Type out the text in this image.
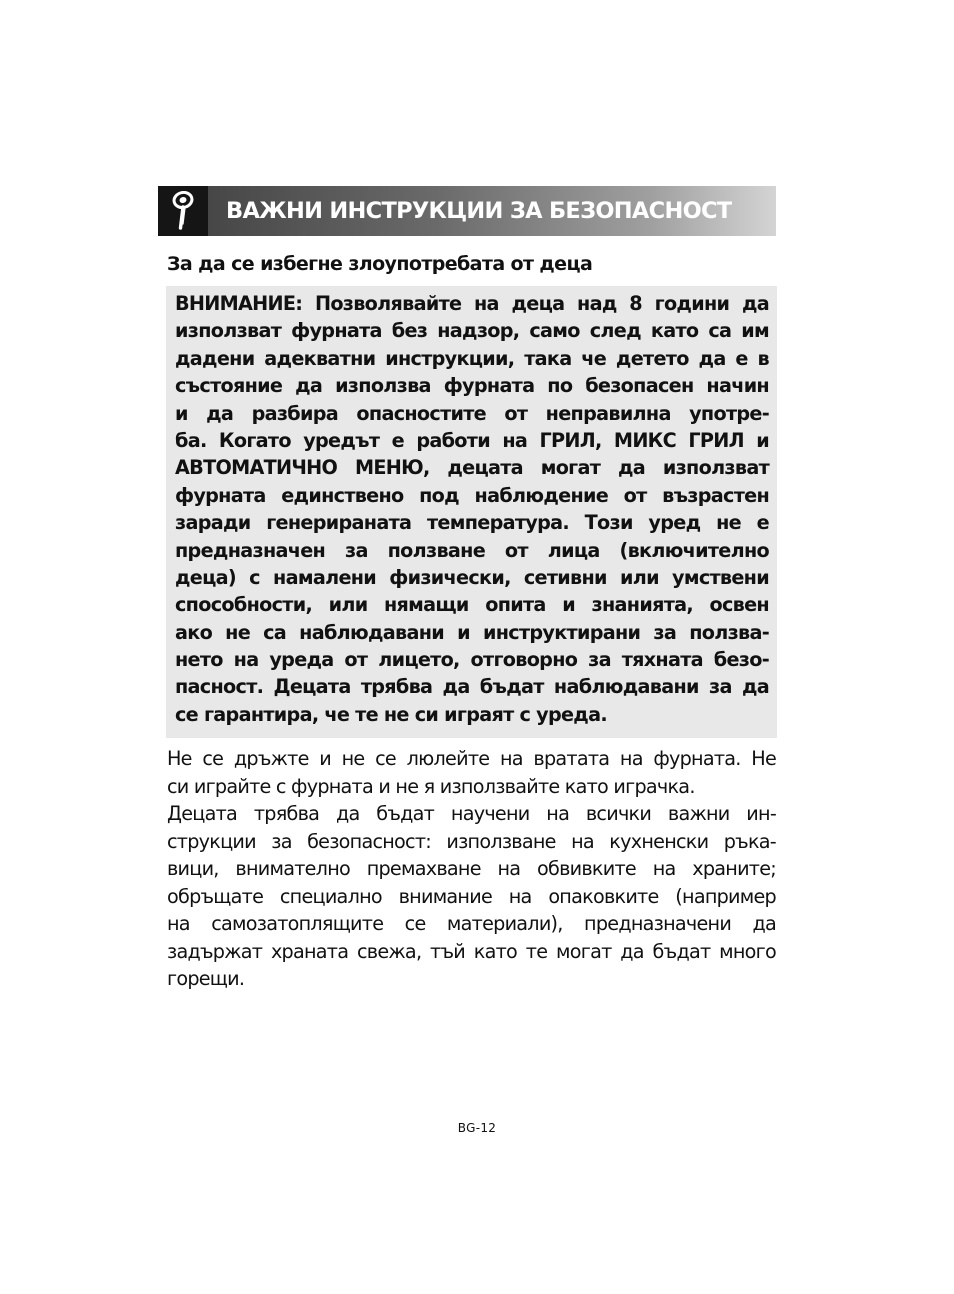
ВАЖНИ ИНСТРУКЦИИ ЗА БЕЗОПАСНОСТ
За да се избегне злоупотребата от деца
ВНИМАНИЕ: Позволявайте на деца над 8 години да
използват фурната без надзор, само след като са им
дадени адекватни инструкции, така че детето да е в
състояние да използва фурната по безопасен начин
и да разбира опасностите от неправилна употре-
ба. Когато уредът е работи на ГРИЛ, МИКС ГРИЛ и
АВТОМАТИЧНО МЕНЮ, децата могат да използват
фурната единствено под наблюдение от възрастен
заради генерираната температура. Този уред не е
предназначен за ползване от лица (включително
деца) с намалени физически, сетивни или умствени
способности, или нямащи опита и знанията, освен
ако не са наблюдавани и инструктирани за ползва-
нето на уреда от лицето, отговорно за тяхната безо-
пасност. Децата трябва да бъдат наблюдавани за да
се гарантира, че те не си играят с уреда.
Не се дръжте и не се люлейте на вратата на фурната. Не
си играйте с фурната и не я използвайте като играчка.
Децата трябва да бъдат научени на всички важни ин-
струкции за безопасност: използване на кухненски ръка-
вици, внимателно премахване на обвивките на храните;
обръщате специално внимание на опаковките (например
на самозатоплящите се материали), предназначени да
задържат храната свежа, тъй като те могат да бъдат много
горещи.
BG-12
